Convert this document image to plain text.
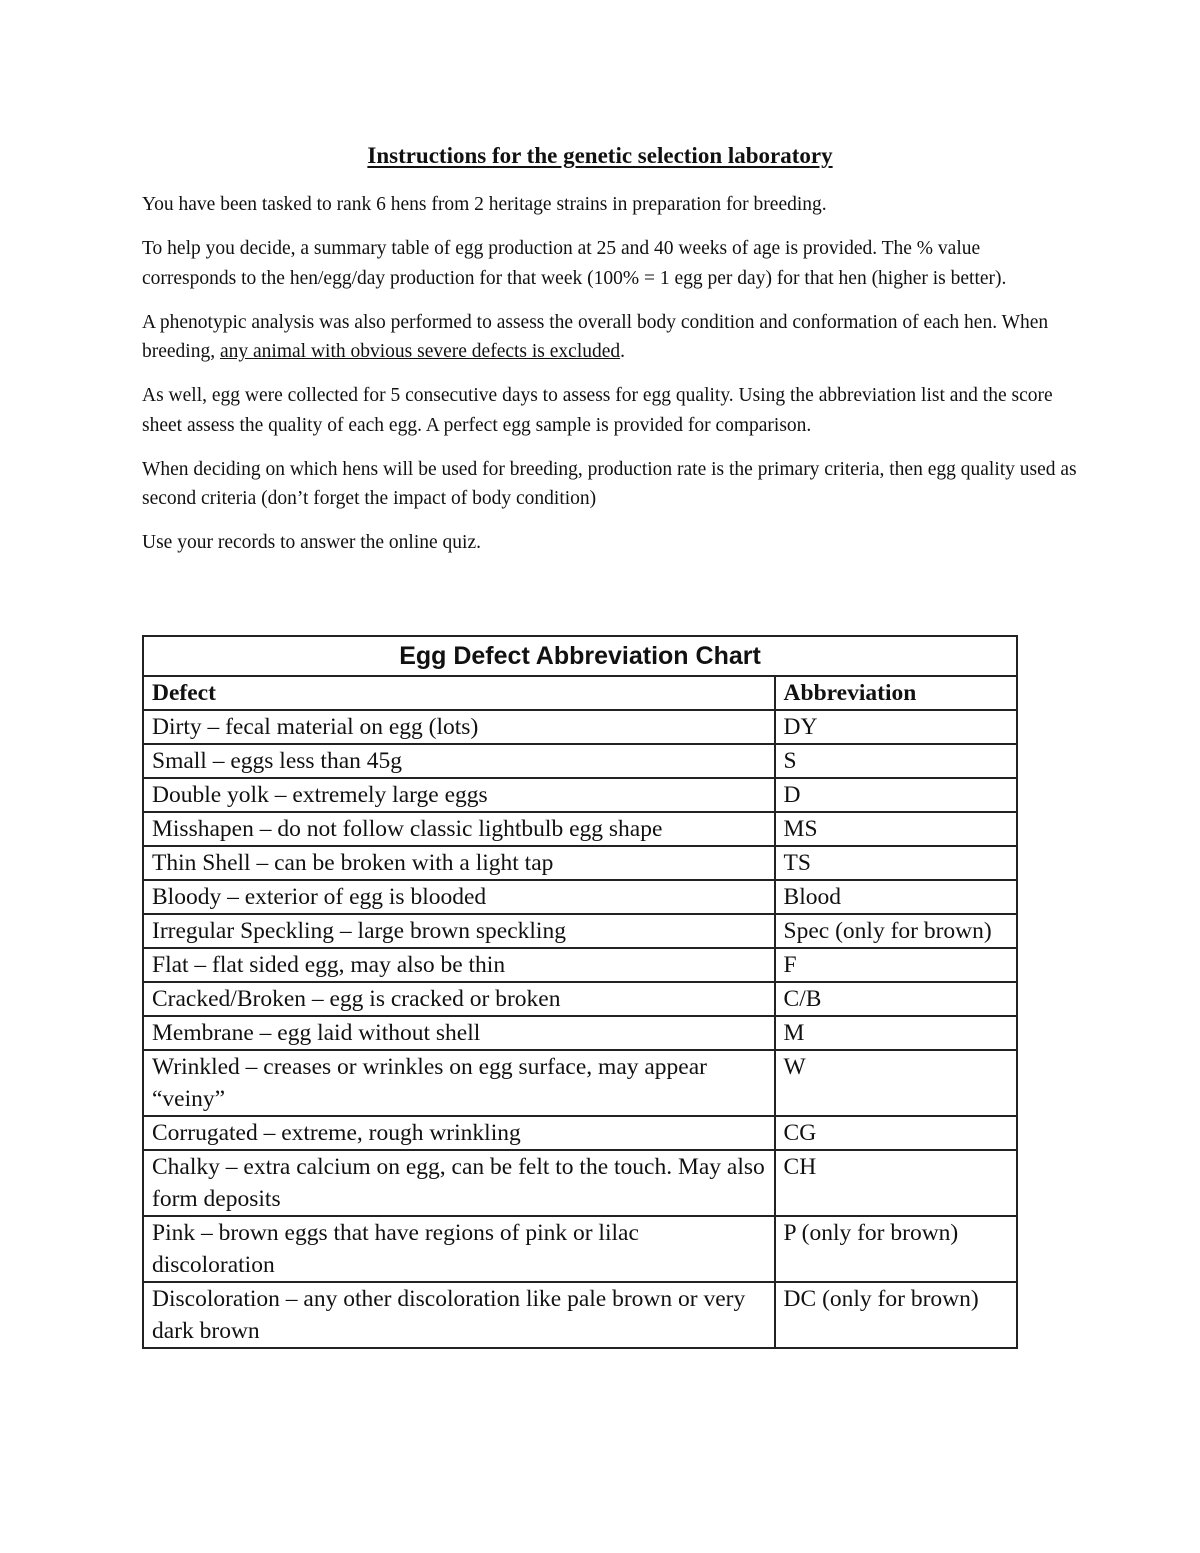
Instructions for the genetic selection laboratory

You have been tasked to rank 6 hens from 2 heritage strains in preparation for breeding.

To help you decide, a summary table of egg production at 25 and 40 weeks of age is provided. The % value corresponds to the hen/egg/day production for that week (100% = 1 egg per day) for that hen (higher is better).

A phenotypic analysis was also performed to assess the overall body condition and conformation of each hen. When breeding, any animal with obvious severe defects is excluded.

As well, egg were collected for 5 consecutive days to assess for egg quality. Using the abbreviation list and the score sheet assess the quality of each egg. A perfect egg sample is provided for comparison.

When deciding on which hens will be used for breeding, production rate is the primary criteria, then egg quality used as second criteria (don’t forget the impact of body condition)

Use your records to answer the online quiz.

Egg Defect Abbreviation Chart	
Defect	Abbreviation
Dirty – fecal material on egg (lots)	DY
Small – eggs less than 45g	S
Double yolk – extremely large eggs	D
Misshapen – do not follow classic lightbulb egg shape	MS
Thin Shell – can be broken with a light tap	TS
Bloody – exterior of egg is blooded	Blood
Irregular Speckling – large brown speckling	Spec (only for brown)
Flat – flat sided egg, may also be thin	F
Cracked/Broken – egg is cracked or broken	C/B
Membrane – egg laid without shell	M
Wrinkled – creases or wrinkles on egg surface, may appear “veiny”	W
Corrugated – extreme, rough wrinkling	CG
Chalky – extra calcium on egg, can be felt to the touch. May also form deposits	CH
Pink – brown eggs that have regions of pink or lilac discoloration	P (only for brown)
Discoloration – any other discoloration like pale brown or very dark brown	DC (only for brown)
